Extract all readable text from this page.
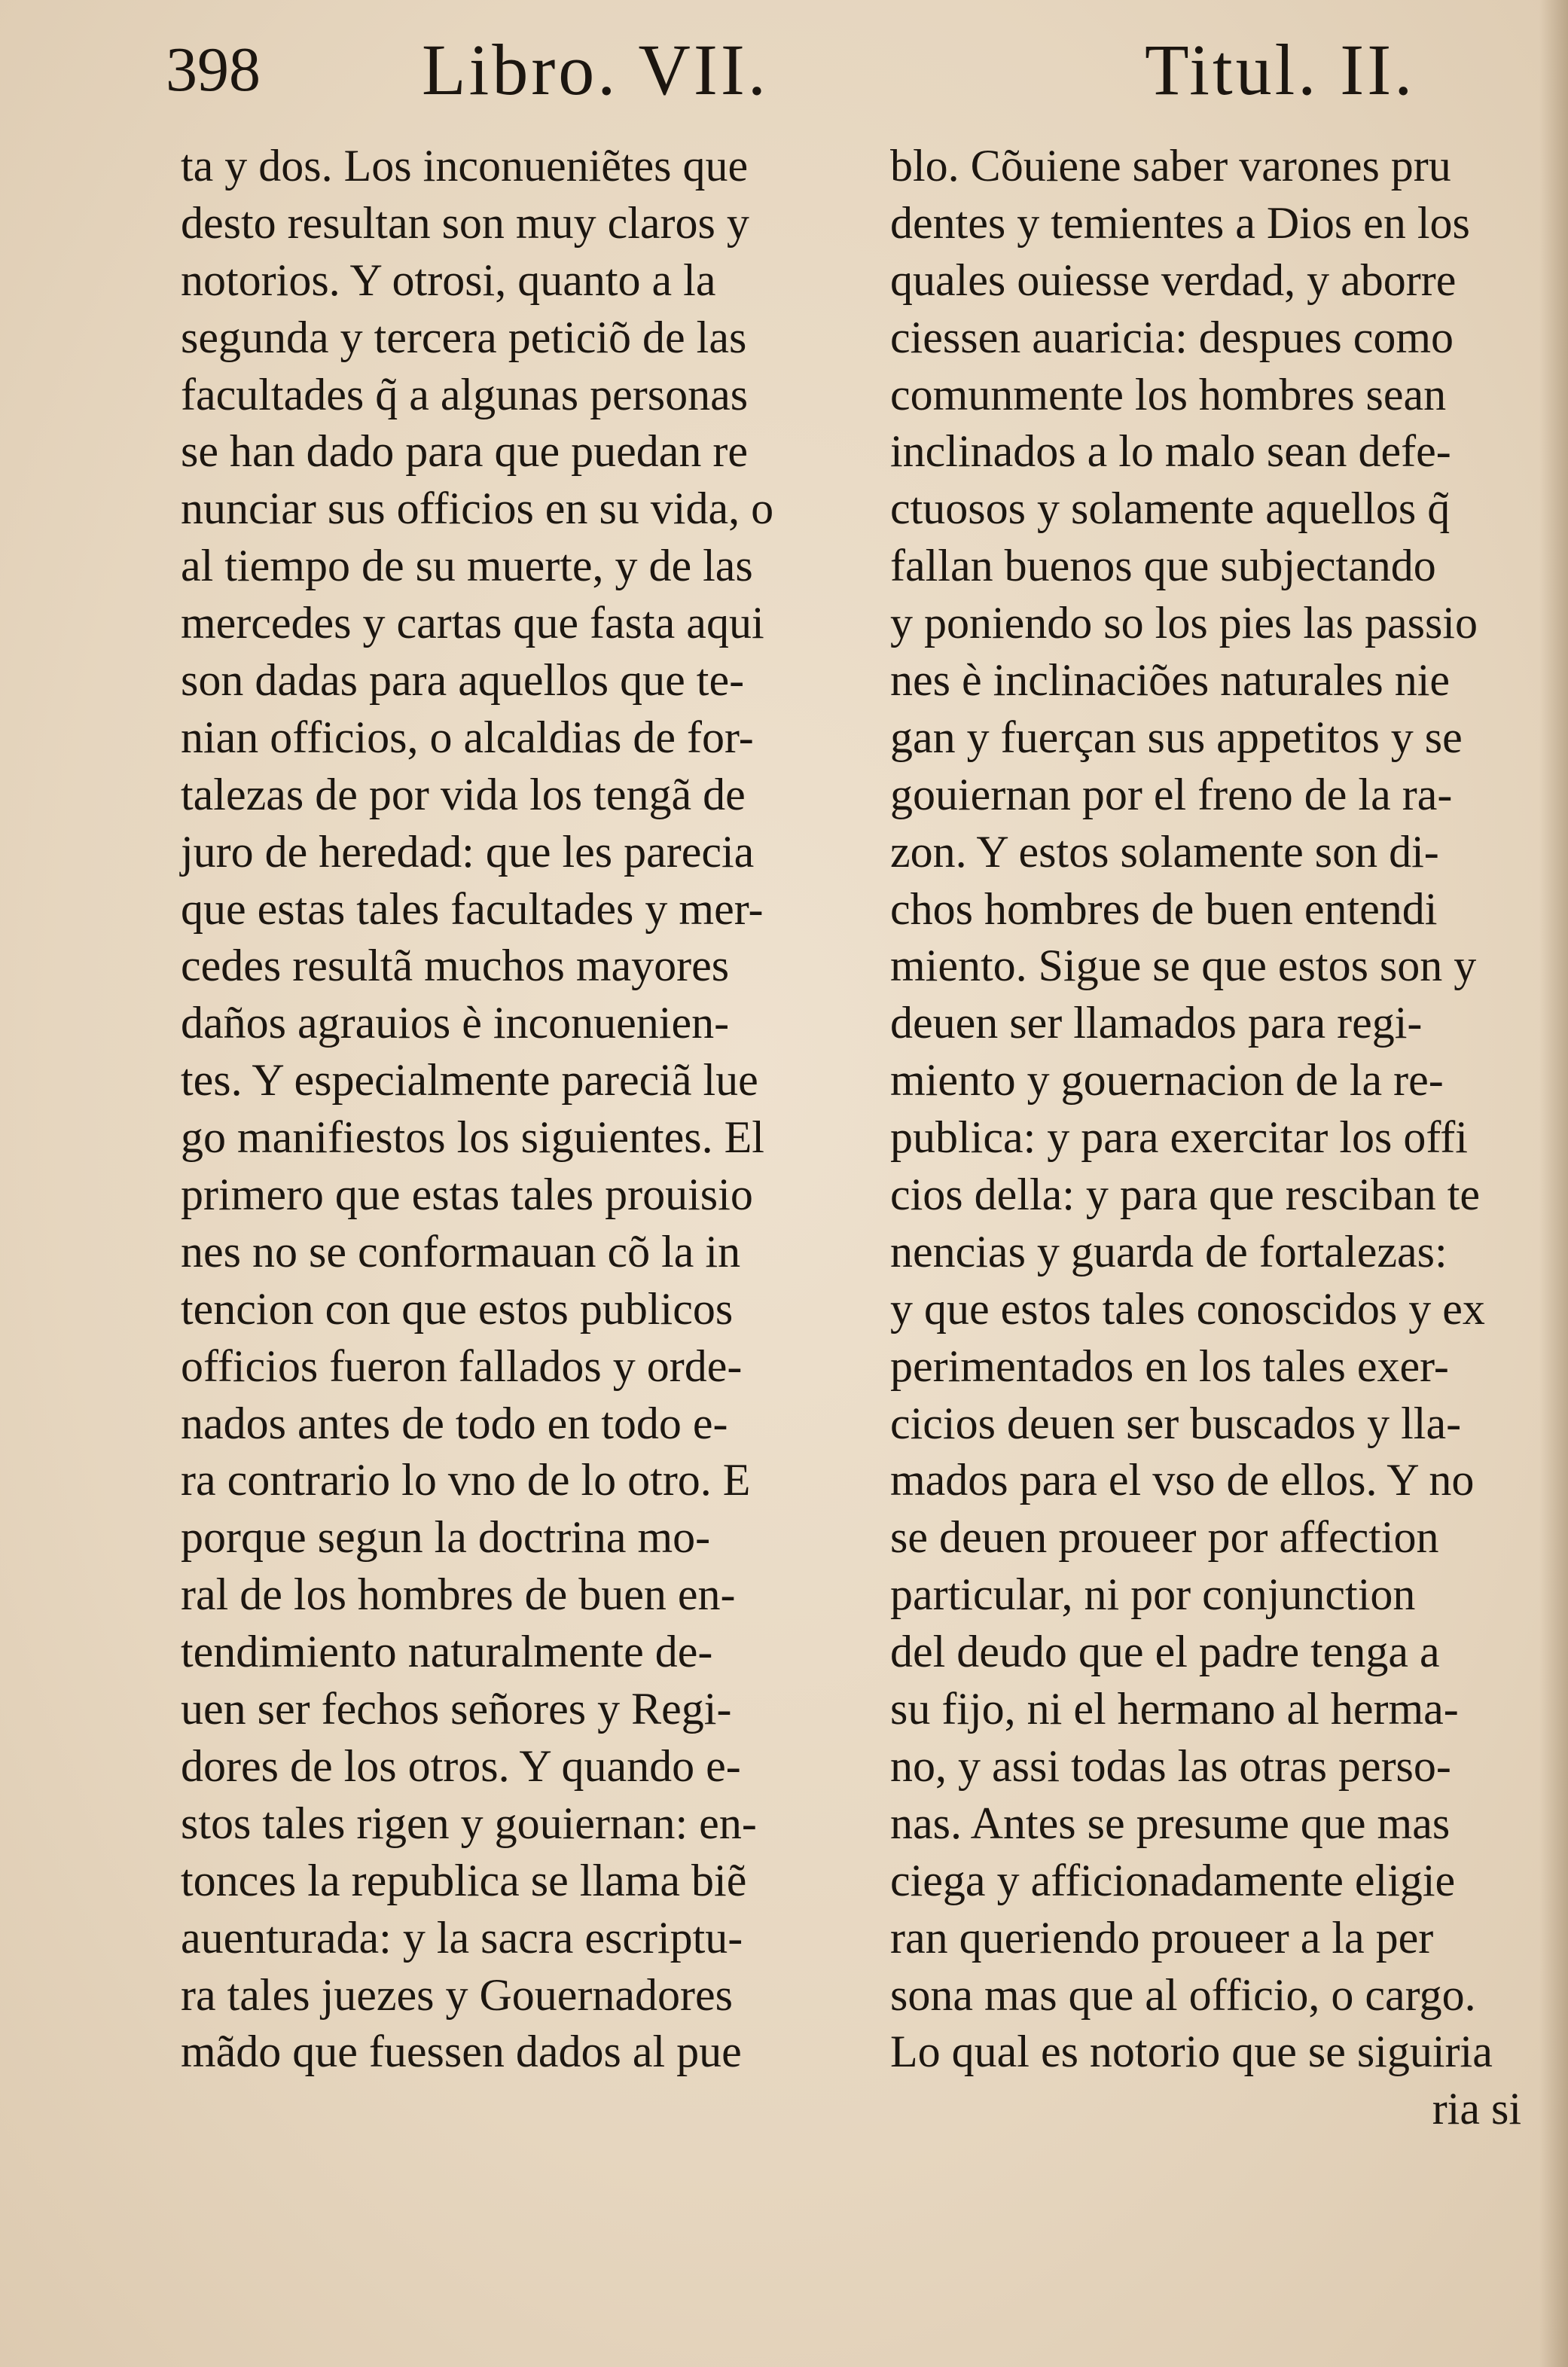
398 Libro. VII.	Titul. II.
ta y dos. Los inconueniẽtes que
desto resultan son muy claros y
notorios. Y otrosi, quanto a la
segunda y tercera peticiõ de las
facultades q̃ a algunas personas
se han dado para que puedan re
nunciar sus officios en su vida, o
al tiempo de su muerte, y de las
mercedes y cartas que fasta aqui
son dadas para aquellos que te-
nian officios, o alcaldias de for-
talezas de por vida los tengã de
juro de heredad: que les parecia
que estas tales facultades y mer-
cedes resultã muchos mayores
daños agrauios è inconuenien-
tes. Y especialmente pareciã lue
go manifiestos los siguientes. El
primero que estas tales prouisio
nes no se conformauan cõ la in
tencion con que estos publicos
officios fueron fallados y orde-
nados antes de todo en todo e-
ra contrario lo vno de lo otro. E
porque segun la doctrina mo-
ral de los hombres de buen en-
tendimiento naturalmente de-
uen ser fechos señores y Regi-
dores de los otros. Y quando e-
stos tales rigen y gouiernan: en-
tonces la republica se llama biẽ
auenturada: y la sacra escriptu-
ra tales juezes y Gouernadores
mãdo que fuessen dados al pue
blo. Cõuiene saber varones pru
dentes y temientes a Dios en los
quales ouiesse verdad, y aborre
ciessen auaricia: despues como
comunmente los hombres sean
inclinados a lo malo sean defe-
ctuosos y solamente aquellos q̃
fallan buenos que subjectando
y poniendo so los pies las passio
nes è inclinaciões naturales nie
gan y fuerçan sus appetitos y se
gouiernan por el freno de la ra-
zon. Y estos solamente son di-
chos hombres de buen entendi
miento. Sigue se que estos son y
deuen ser llamados para regi-
miento y gouernacion de la re-
publica: y para exercitar los offi
cios della: y para que resciban te
nencias y guarda de fortalezas:
y que estos tales conoscidos y ex
perimentados en los tales exer-
cicios deuen ser buscados y lla-
mados para el vso de ellos. Y no
se deuen proueer por affection
particular, ni por conjunction
del deudo que el padre tenga a
su fijo, ni el hermano al herma-
no, y assi todas las otras perso-
nas. Antes se presume que mas
ciega y afficionadamente eligie
ran queriendo proueer a la per
sona mas que al officio, o cargo.
Lo qual es notorio que se siguiria
ria si
